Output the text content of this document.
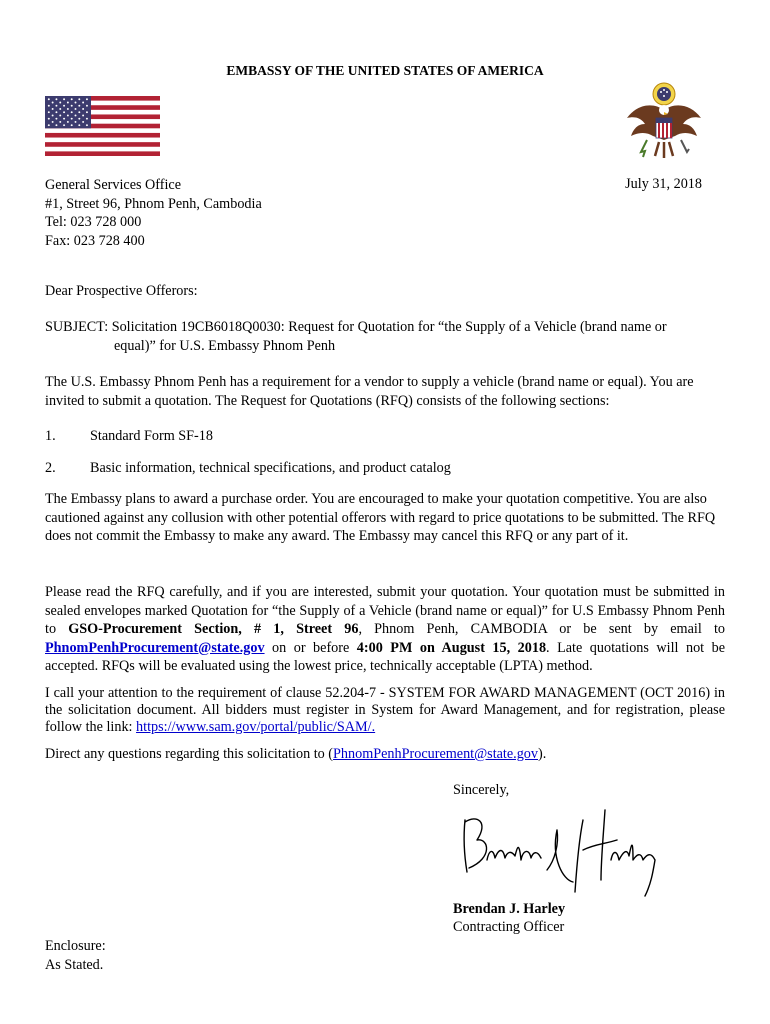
EMBASSY OF THE UNITED STATES OF AMERICA
General Services Office
#1, Street 96, Phnom Penh, Cambodia
Tel: 023 728 000
Fax: 023 728 400
July 31, 2018
Dear Prospective Offerors:
SUBJECT: Solicitation 19CB6018Q0030: Request for Quotation for “the Supply of a Vehicle (brand name or
equal)” for U.S. Embassy Phnom Penh
The U.S. Embassy Phnom Penh has a requirement for a vendor to supply a vehicle (brand name or equal). You are invited to submit a quotation. The Request for Quotations (RFQ) consists of the following sections:
1. Standard Form SF-18
2. Basic information, technical specifications, and product catalog
The Embassy plans to award a purchase order. You are encouraged to make your quotation competitive. You are also cautioned against any collusion with other potential offerors with regard to price quotations to be submitted. The RFQ does not commit the Embassy to make any award. The Embassy may cancel this RFQ or any part of it.
Please read the RFQ carefully, and if you are interested, submit your quotation. Your quotation must be submitted in sealed envelopes marked Quotation for “the Supply of a Vehicle (brand name or equal)” for U.S Embassy Phnom Penh to GSO-Procurement Section, # 1, Street 96, Phnom Penh, CAMBODIA or be sent by email to PhnomPenhProcurement@state.gov on or before 4:00 PM on August 15, 2018. Late quotations will not be accepted. RFQs will be evaluated using the lowest price, technically acceptable (LPTA) method.
I call your attention to the requirement of clause 52.204-7 - SYSTEM FOR AWARD MANAGEMENT (OCT 2016) in the solicitation document. All bidders must register in System for Award Management, and for registration, please follow the link: https://www.sam.gov/portal/public/SAM/.
Direct any questions regarding this solicitation to (PhnomPenhProcurement@state.gov).
Sincerely,
Brendan J. Harley
Contracting Officer
Enclosure:
As Stated.
